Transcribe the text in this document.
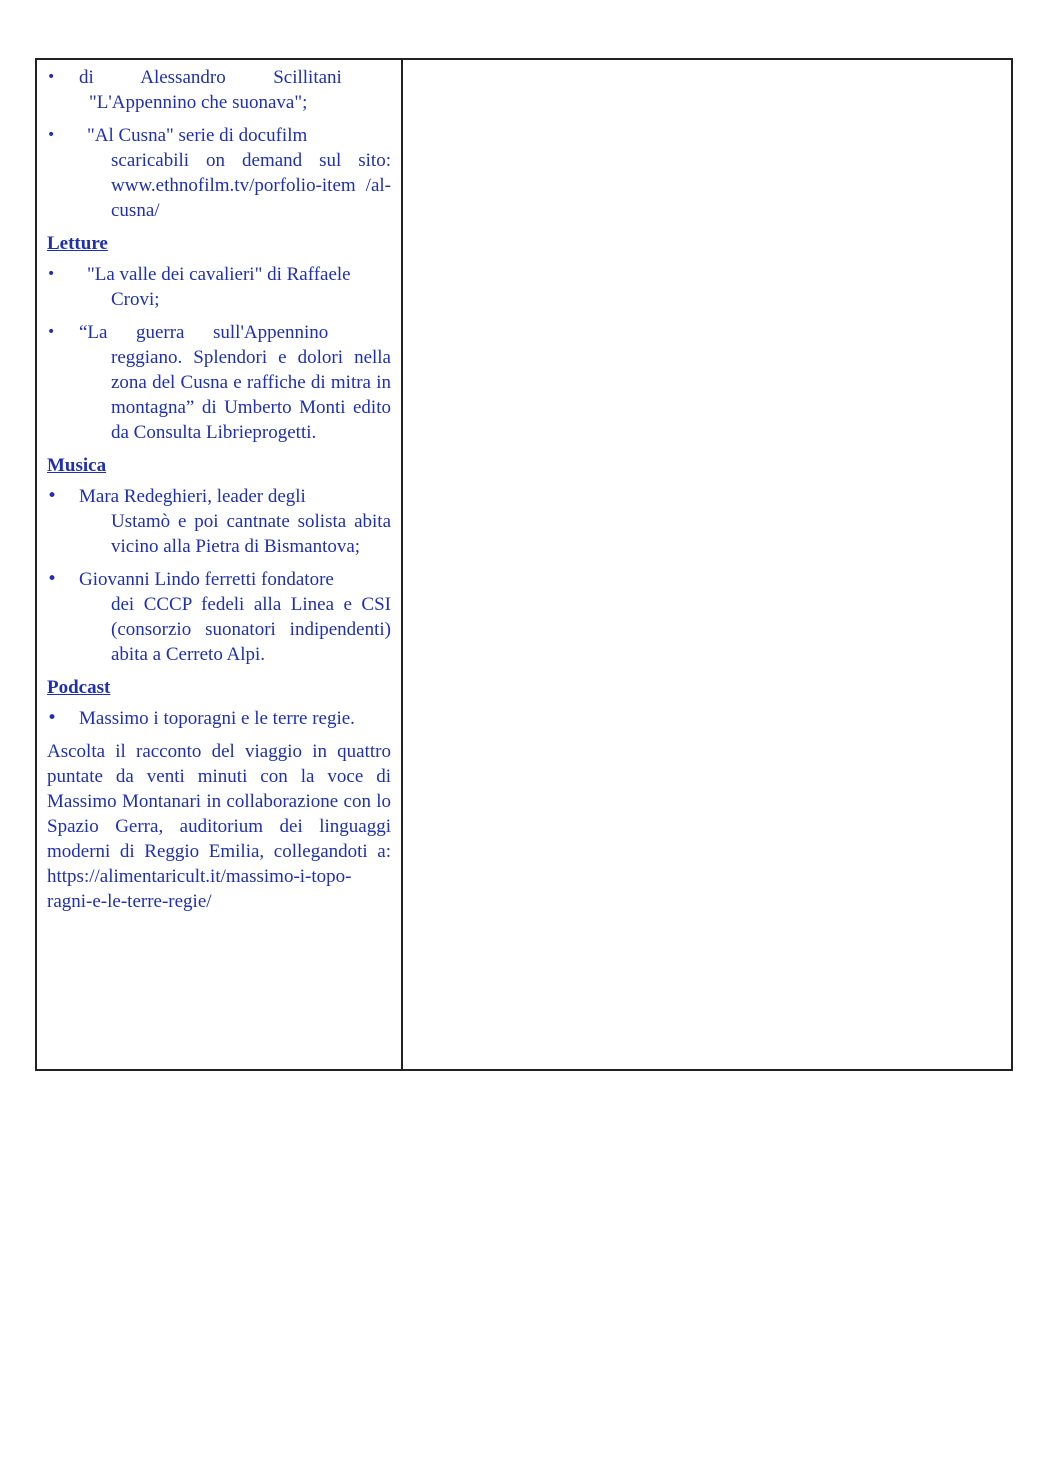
•	di          Alessandro          Scillitani
"L'Appennino che suonava";
•	"Al Cusna" serie di docufilm
scaricabili on demand sul sito: www.ethnofilm.tv/porfolio-item /al-cusna/
Letture
•	"La valle dei cavalieri" di Raffaele
Crovi;
•	“La      guerra      sull'Appennino
reggiano. Splendori e dolori nella zona del Cusna e raffiche di mitra in montagna” di Umberto Monti edito da Consulta Librieprogetti.
Musica
•	Mara Redeghieri, leader degli
Ustamò e poi cantnate solista abita vicino alla Pietra di Bismantova;
•	Giovanni Lindo ferretti fondatore
dei CCCP fedeli alla Linea e CSI (consorzio suonatori indipendenti) abita a Cerreto Alpi.
Podcast
•	Massimo i toporagni e le terre regie.
Ascolta il racconto del viaggio in quattro puntate da venti minuti con la voce di Massimo Montanari in collaborazione con lo Spazio Gerra, auditorium dei linguaggi moderni di Reggio Emilia, collegandoti a: https://alimentaricult.it/massimo-i-topo-ragni-e-le-terre-regie/
